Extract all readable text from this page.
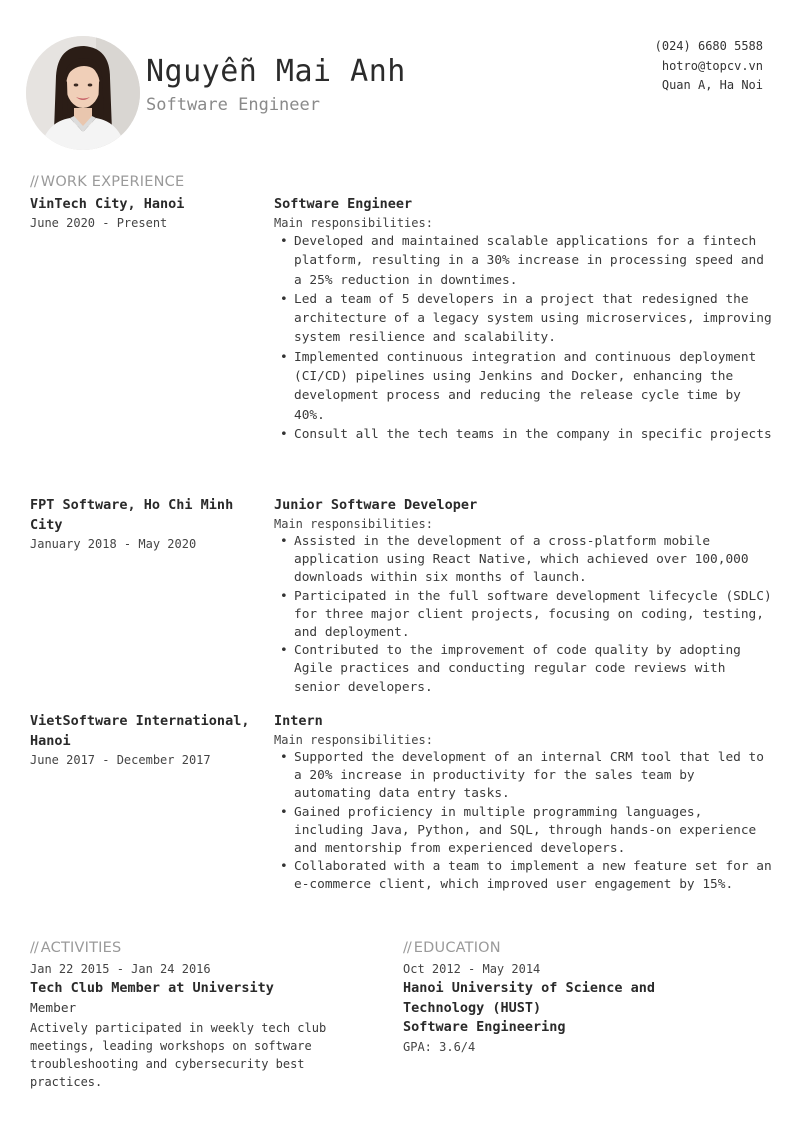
Nguyễn Mai Anh
Software Engineer
(024) 6680 5588
hotro@topcv.vn
Quan A, Ha Noi
// WORK EXPERIENCE
VinTech City, Hanoi
June 2020 - Present
Software Engineer
Main responsibilities:
• Developed and maintained scalable applications for a fintech platform, resulting in a 30% increase in processing speed and a 25% reduction in downtimes.
• Led a team of 5 developers in a project that redesigned the architecture of a legacy system using microservices, improving system resilience and scalability.
• Implemented continuous integration and continuous deployment (CI/CD) pipelines using Jenkins and Docker, enhancing the development process and reducing the release cycle time by 40%.
• Consult all the tech teams in the company in specific projects
FPT Software, Ho Chi Minh City
January 2018 - May 2020
Junior Software Developer
Main responsibilities:
• Assisted in the development of a cross-platform mobile application using React Native, which achieved over 100,000 downloads within six months of launch.
• Participated in the full software development lifecycle (SDLC) for three major client projects, focusing on coding, testing, and deployment.
• Contributed to the improvement of code quality by adopting Agile practices and conducting regular code reviews with senior developers.
VietSoftware International, Hanoi
June 2017 - December 2017
Intern
Main responsibilities:
• Supported the development of an internal CRM tool that led to a 20% increase in productivity for the sales team by automating data entry tasks.
• Gained proficiency in multiple programming languages, including Java, Python, and SQL, through hands-on experience and mentorship from experienced developers.
• Collaborated with a team to implement a new feature set for an e-commerce client, which improved user engagement by 15%.
// ACTIVITIES
Jan 22 2015 - Jan 24 2016
Tech Club Member at University
Member
Actively participated in weekly tech club meetings, leading workshops on software troubleshooting and cybersecurity best practices.
// EDUCATION
Oct 2012 - May 2014
Hanoi University of Science and Technology (HUST)
Software Engineering
GPA: 3.6/4
